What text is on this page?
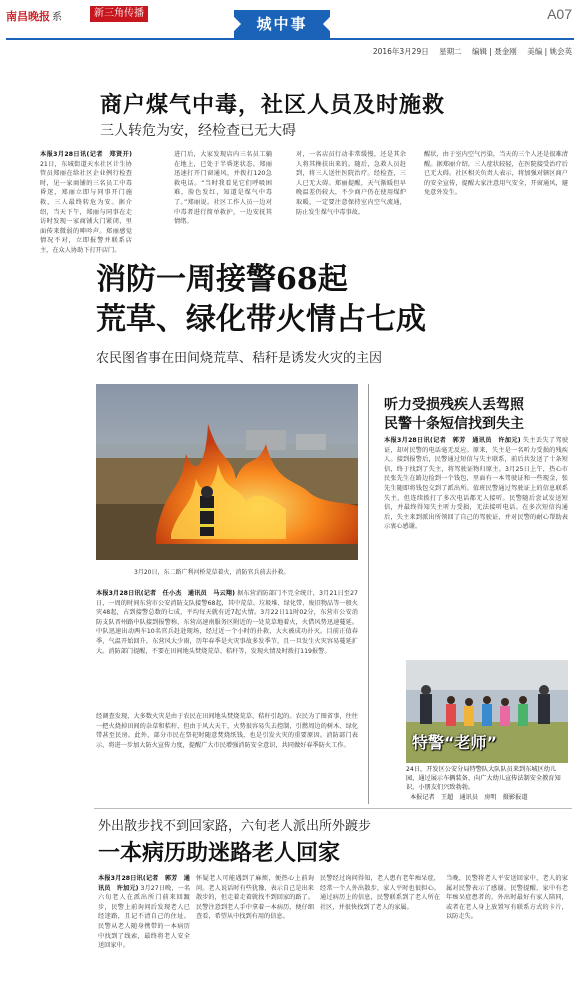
南昌晚报 系	新三角传播
城中事
A07
2016年3月29日 星期二 编辑 | 聂金刚 美编 | 姚会英
商户煤气中毒，社区人员及时施救
三人转危为安，经检查已无大碍
本报3月28日讯(记者　郑贤开) 21日，东城街道天水社区计生协管员郑丽在给社区企业例行检查时，见一家商铺的三名员工中毒昏迷，郑丽立即与同事开门施救，三人最终转危为安。据介绍，当天下午，郑丽与同事在走访时发现一家商铺大门紧闭，里面传来微弱的呻吟声。郑丽感觉情况不对，立即报警并联系店主，在众人协助下打开店门。
进门后，大家发现店内三名员工躺在地上，已处于半昏迷状态。郑丽迅速打开门窗通风，并拨打120急救电话。“当时我看见它们呼吸困难，脸色发红，知道是煤气中毒了。”郑丽说。社区工作人员一边对中毒者进行简单救护，一边安抚其情绪。
对，一名店员行动非常缓慢，还是其余人将其搀扶出来的。随后，急救人员赶到，将三人送往医院治疗。经检查，三人已无大碍。郑丽提醒，天气渐暖但早晚温差仍较大，不少商户仍在使用煤炉取暖，一定要注意保持室内空气流通，防止发生煤气中毒事故。
醒状，由于室内空气污染，当天的三个人还是很难清醒。据郑丽介绍，三人症状较轻，在医院接受治疗后已无大碍。社区相关负责人表示，将加强对辖区商户的安全宣传，提醒大家注意用气安全，开窗通风，避免意外发生。
消防一周接警68起
荒草、绿化带火情占七成
农民图省事在田间烧荒草、秸秆是诱发火灾的主因
3月20日，东二路广利河桥荒草着火，消防官兵前去扑救。
本报3月28日讯(记者　任小杰　通讯员　马云翔) 据东营消防部门不完全统计，3月21日至27日，一周的时间东营市公安消防支队接警68起，其中荒草、垃圾堆、绿化带、废旧物品等一般火灾48起，占到接警总数的七成，平均每天就有近7起火情。3月22日11时02分，东营市公安消防支队晋州路中队接到报警称，东营高速南服务区附近的一处荒草地着火，火借风势迅速蔓延。中队迅速出动两车10名官兵赶赴现场，经过近一个小时的扑救，大火被成功扑灭。目前正值春季，气温开始回升，东营风大少雨，历年春季是火灾事故多发季节，且一旦发生火灾容易蔓延扩大。消防部门提醒，不要在田间地头焚烧荒草、秸秆等，发现火情及时拨打119报警。
经调查发现，大多数火灾是由于农民在田间地头焚烧荒草、秸秆引起的。农民为了图省事，往往一把火烧掉田间的杂草和秸秆，但由于风大天干，火势很容易失去控制，引燃周边的树木、绿化带甚至民房。此外，部分市民在祭祀时随意焚烧纸钱，也是引发火灾的重要原因。消防部门表示，将进一步加大防火宣传力度，提醒广大市民增强消防安全意识，共同做好春季防火工作。
听力受损残疾人丢驾照
民警十条短信找到失主
本报3月28日讯(记者　郭芳　通讯员　许加元) 失主丢失了驾驶证，却对民警的电话毫无反应。原来，失主是一名听力受损的残疾人。接到报警后，民警通过短信与失主联系，前后共发送了十条短信，终于找到了失主，将驾驶证物归原主。3月25日上午，热心市民张先生在路边捡到一个钱包，里面有一本驾驶证和一些现金，张先生随即将钱包交到了派出所。值班民警通过驾驶证上的信息联系失主，但连续拨打了多次电话都无人接听。民警随后尝试发送短信，并最终得知失主听力受损，无法接听电话。在多次短信沟通后，失主来到派出所领回了自己的驾驶证，并对民警的耐心帮助表示衷心感谢。
特警“老师”
24日，开发区公安分局特警队大队队员来到东城区幼儿园，通过展示车辆装备、向广大幼儿宣传法制安全教育知识，小朋友们兴致勃勃。
本报记者　王超　通讯员　房明　摄影报道
外出散步找不到回家路，六旬老人派出所外踱步
一本病历助迷路老人回家
本报3月28日讯(记者　郭芳　通讯员　许加元) 3月27日晚，一名六旬老人在派出所门前来回踱步，民警上前询问后发现老人已经迷路，且记不清自己的住址。民警从老人随身携带的一本病历中找到了线索，最终将老人安全送回家中。
怀疑老人可能遇到了麻烦，便热心上前询问。老人说话时有些犹豫，表示自己是出来散步的，但走着走着就找不到回家的路了。民警注意到老人手中拿着一本病历，便仔细查看，希望从中找到有用的信息。
民警经过询问得知，老人患有老年痴呆症，经常一个人外出散步，家人平时也很担心。通过病历上的信息，民警联系到了老人所在社区，并很快找到了老人的家属。
当晚，民警将老人平安送回家中，老人的家属对民警表示了感谢。民警提醒，家中有老年痴呆症患者的，外出时最好有家人陪同，或者在老人身上放置写有联系方式的卡片，以防走失。
